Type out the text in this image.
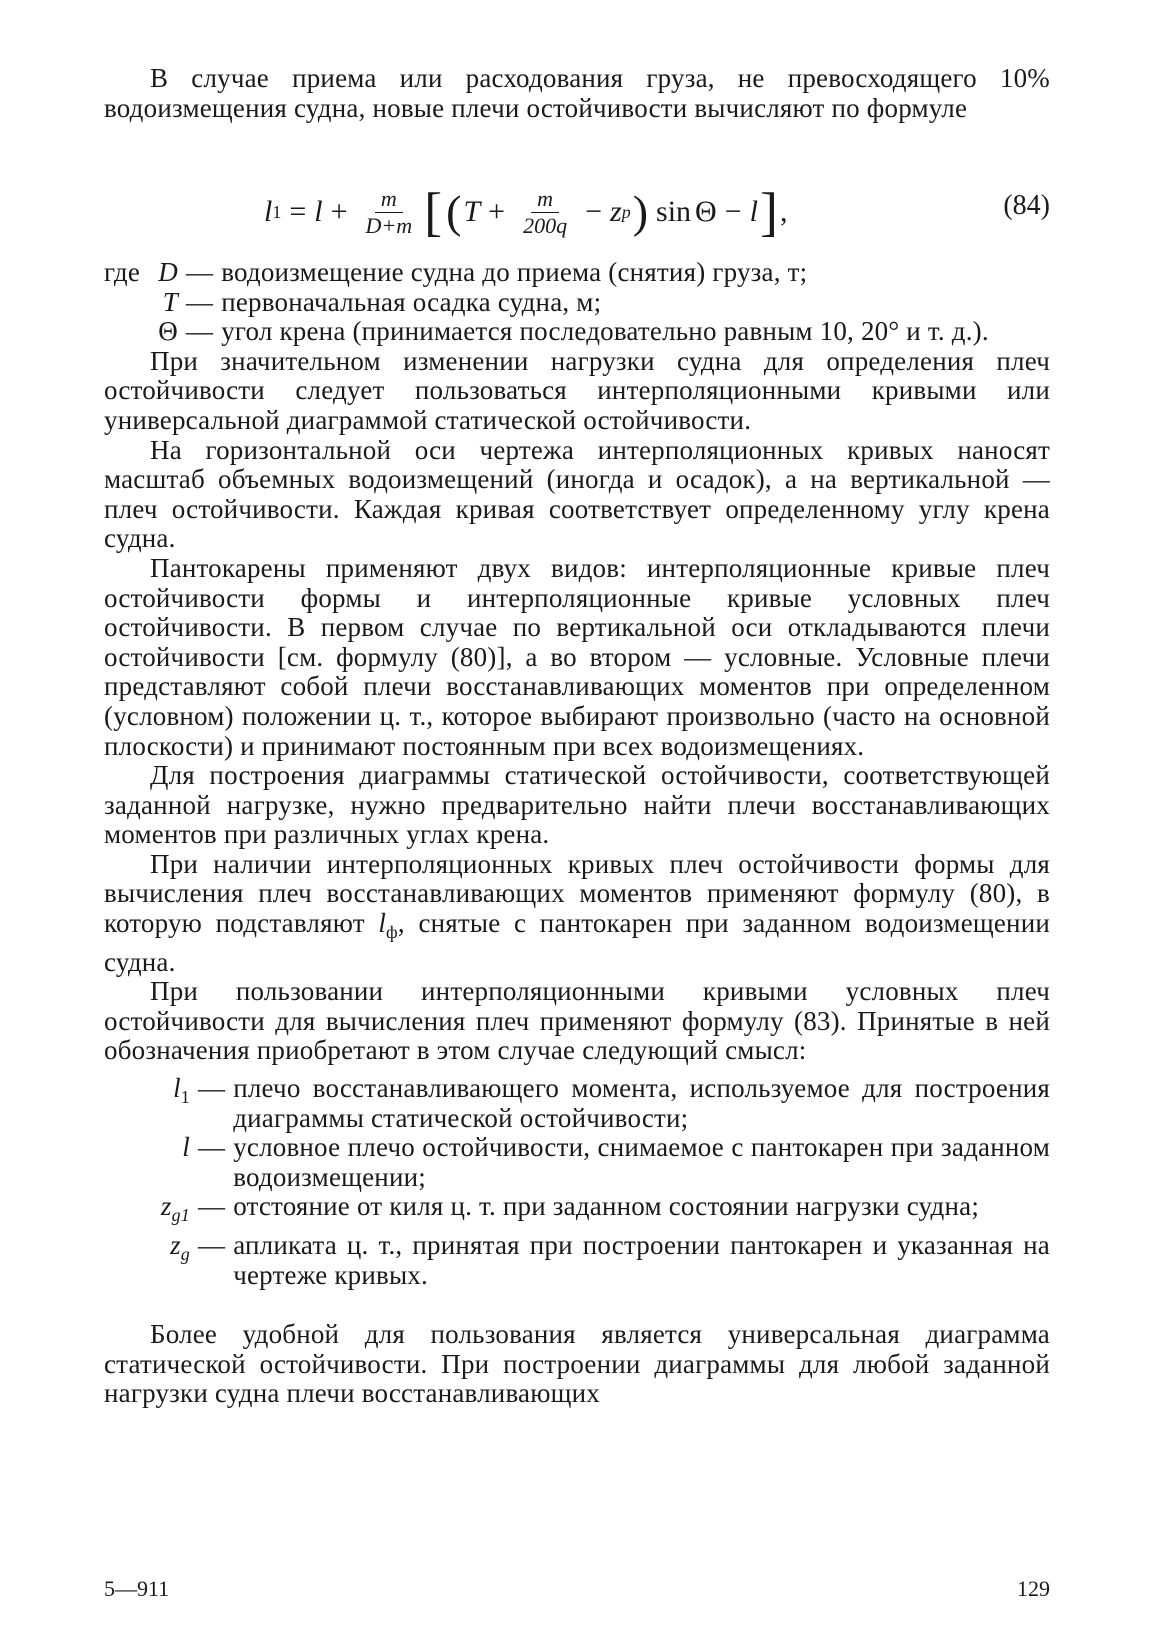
В случае приема или расходования груза, не превосходящего 10% водоизмещения судна, новые плечи остойчивости вычисляют по формуле

l $1 = l + \frac{m}{D+m}$ [ ( $T + \frac{m}{200q} - z$ p ) sin Θ − l ] ,	(84)
где D — водоизмещение судна до приема (снятия) груза, т;
T — первоначальная осадка судна, м;
Θ — угол крена (принимается последовательно равным 10, 20° и т. д.).

При значительном изменении нагрузки судна для определения плеч остойчивости следует пользоваться интерполяционными кривыми или универсальной диаграммой статической остойчивости.

На горизонтальной оси чертежа интерполяционных кривых наносят масштаб объемных водоизмещений (иногда и осадок), а на вертикальной — плеч остойчивости. Каждая кривая соответствует определенному углу крена судна.

Пантокарены применяют двух видов: интерполяционные кривые плеч остойчивости формы и интерполяционные кривые условных плеч остойчивости. В первом случае по вертикальной оси откладываются плечи остойчивости [см. формулу (80)], а во втором — условные. Условные плечи представляют собой плечи восстанавливающих моментов при определенном (условном) положении ц. т., которое выбирают произвольно (часто на основной плоскости) и принимают постоянным при всех водоизмещениях.

Для построения диаграммы статической остойчивости, соответствующей заданной нагрузке, нужно предварительно найти плечи восстанавливающих моментов при различных углах крена.

При наличии интерполяционных кривых плеч остойчивости формы для вычисления плеч восстанавливающих моментов применяют формулу (80), в которую подставляют $l_ф$, снятые с пантокарен при заданном водоизмещении судна.

При пользовании интерполяционными кривыми условных плеч остойчивости для вычисления плеч применяют формулу (83). Принятые в ней обозначения приобретают в этом случае следующий смысл:

$l_1$ — плечо восстанавливающего момента, используемое для построения диаграммы статической остойчивости;
l — условное плечо остойчивости, снимаемое с пантокарен при заданном водоизмещении;
$z_{g1}$ — отстояние от киля ц. т. при заданном состоянии нагрузки судна;
$z_g$ — апликата ц. т., принятая при построении пантокарен и указанная на чертеже кривых.

Более удобной для пользования является универсальная диаграмма статической остойчивости. При построении диаграммы для любой заданной нагрузки судна плечи восстанавливающих

5—911	129
